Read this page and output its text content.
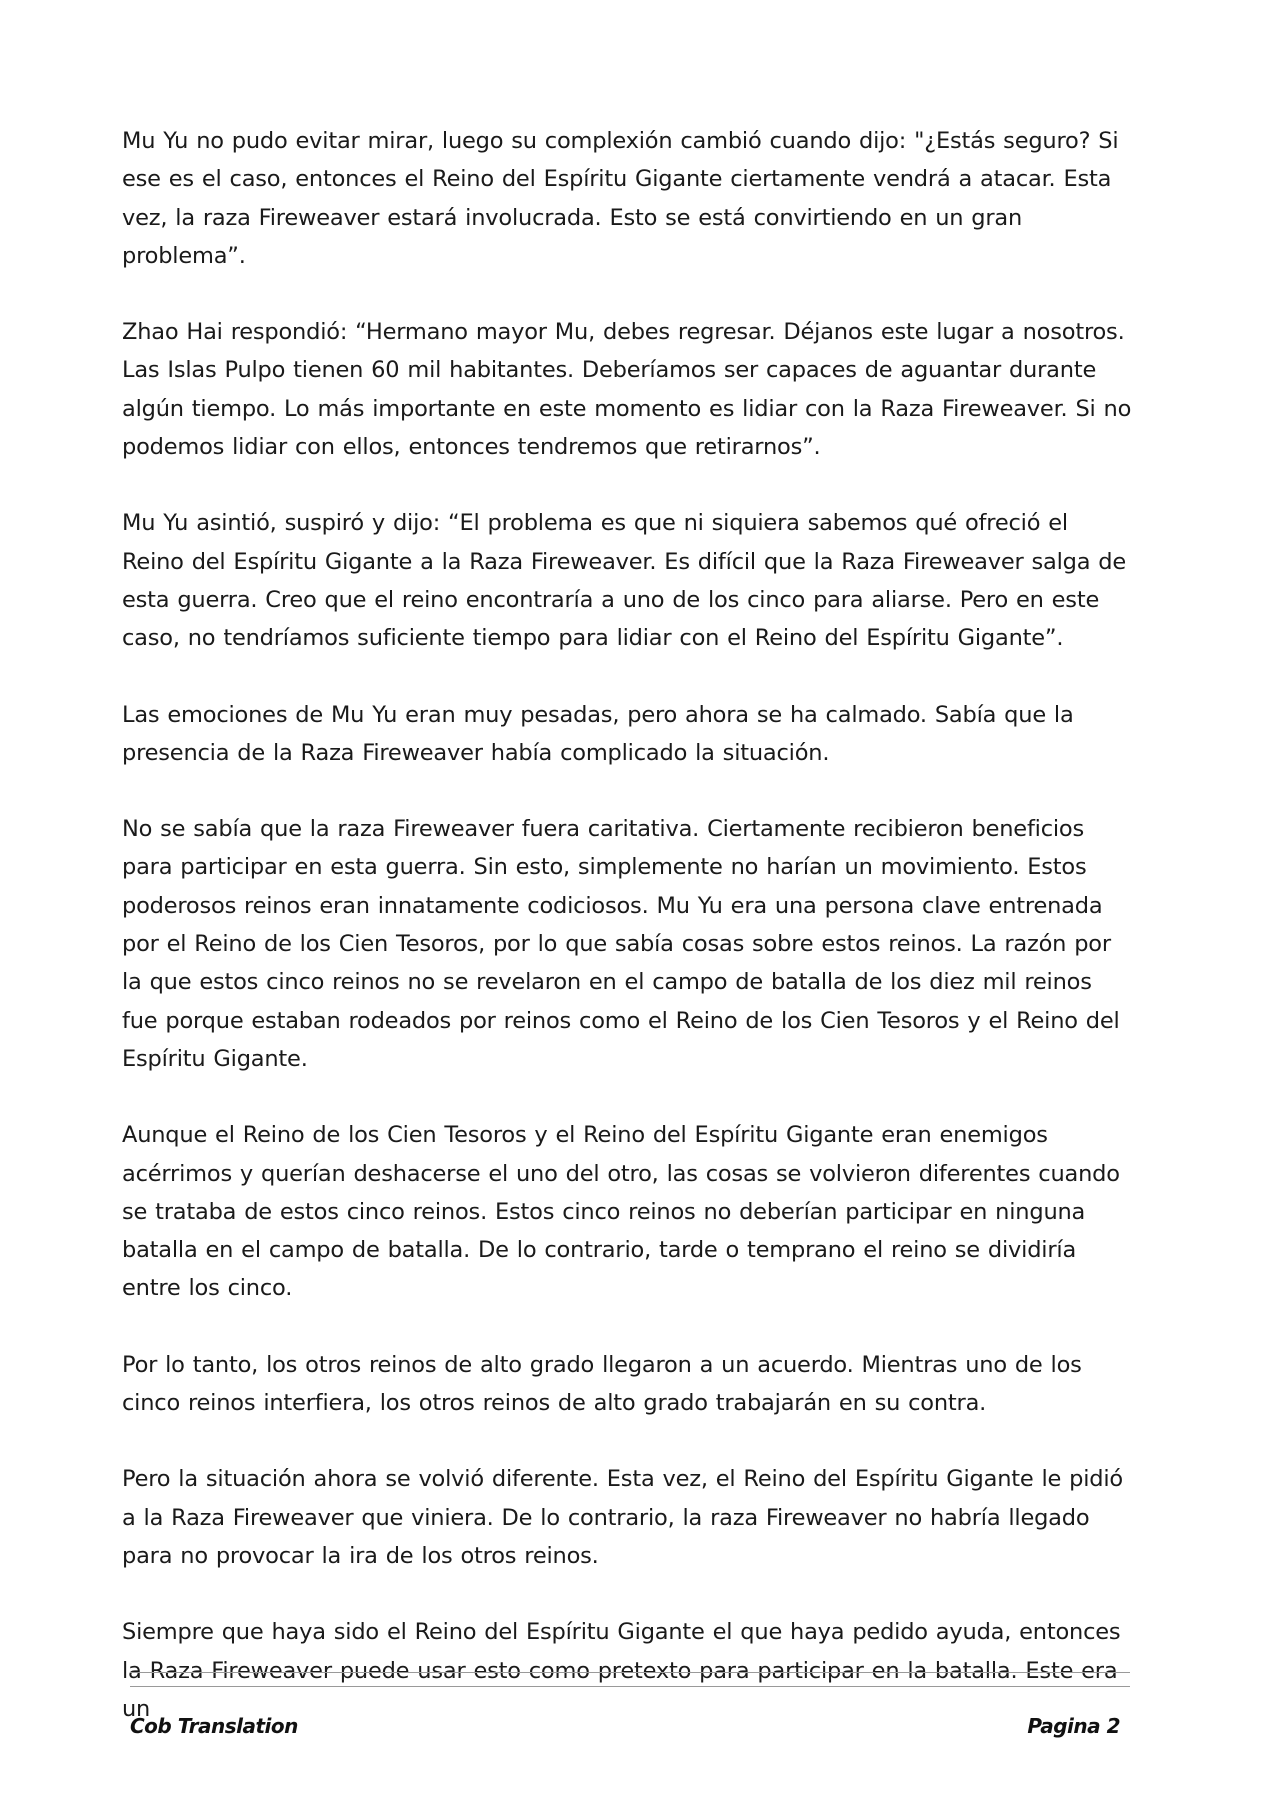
Mu Yu no pudo evitar mirar, luego su complexión cambió cuando dijo: "¿Estás seguro? Si ese es el caso, entonces el Reino del Espíritu Gigante ciertamente vendrá a atacar. Esta vez, la raza Fireweaver estará involucrada. Esto se está convirtiendo en un gran problema”.

Zhao Hai respondió: “Hermano mayor Mu, debes regresar. Déjanos este lugar a nosotros. Las Islas Pulpo tienen 60 mil habitantes. Deberíamos ser capaces de aguantar durante algún tiempo. Lo más importante en este momento es lidiar con la Raza Fireweaver. Si no podemos lidiar con ellos, entonces tendremos que retirarnos”.

Mu Yu asintió, suspiró y dijo: “El problema es que ni siquiera sabemos qué ofreció el Reino del Espíritu Gigante a la Raza Fireweaver. Es difícil que la Raza Fireweaver salga de esta guerra. Creo que el reino encontraría a uno de los cinco para aliarse. Pero en este caso, no tendríamos suficiente tiempo para lidiar con el Reino del Espíritu Gigante”.

Las emociones de Mu Yu eran muy pesadas, pero ahora se ha calmado. Sabía que la presencia de la Raza Fireweaver había complicado la situación.

No se sabía que la raza Fireweaver fuera caritativa. Ciertamente recibieron beneficios para participar en esta guerra. Sin esto, simplemente no harían un movimiento. Estos poderosos reinos eran innatamente codiciosos. Mu Yu era una persona clave entrenada por el Reino de los Cien Tesoros, por lo que sabía cosas sobre estos reinos. La razón por la que estos cinco reinos no se revelaron en el campo de batalla de los diez mil reinos fue porque estaban rodeados por reinos como el Reino de los Cien Tesoros y el Reino del Espíritu Gigante.

Aunque el Reino de los Cien Tesoros y el Reino del Espíritu Gigante eran enemigos acérrimos y querían deshacerse el uno del otro, las cosas se volvieron diferentes cuando se trataba de estos cinco reinos. Estos cinco reinos no deberían participar en ninguna batalla en el campo de batalla. De lo contrario, tarde o temprano el reino se dividiría entre los cinco.

Por lo tanto, los otros reinos de alto grado llegaron a un acuerdo. Mientras uno de los cinco reinos interfiera, los otros reinos de alto grado trabajarán en su contra.

Pero la situación ahora se volvió diferente. Esta vez, el Reino del Espíritu Gigante le pidió a la Raza Fireweaver que viniera. De lo contrario, la raza Fireweaver no habría llegado para no provocar la ira de los otros reinos.

Siempre que haya sido el Reino del Espíritu Gigante el que haya pedido ayuda, entonces la Raza Fireweaver puede usar esto como pretexto para participar en la batalla. Este era un

Cob Translation	Pagina 2
